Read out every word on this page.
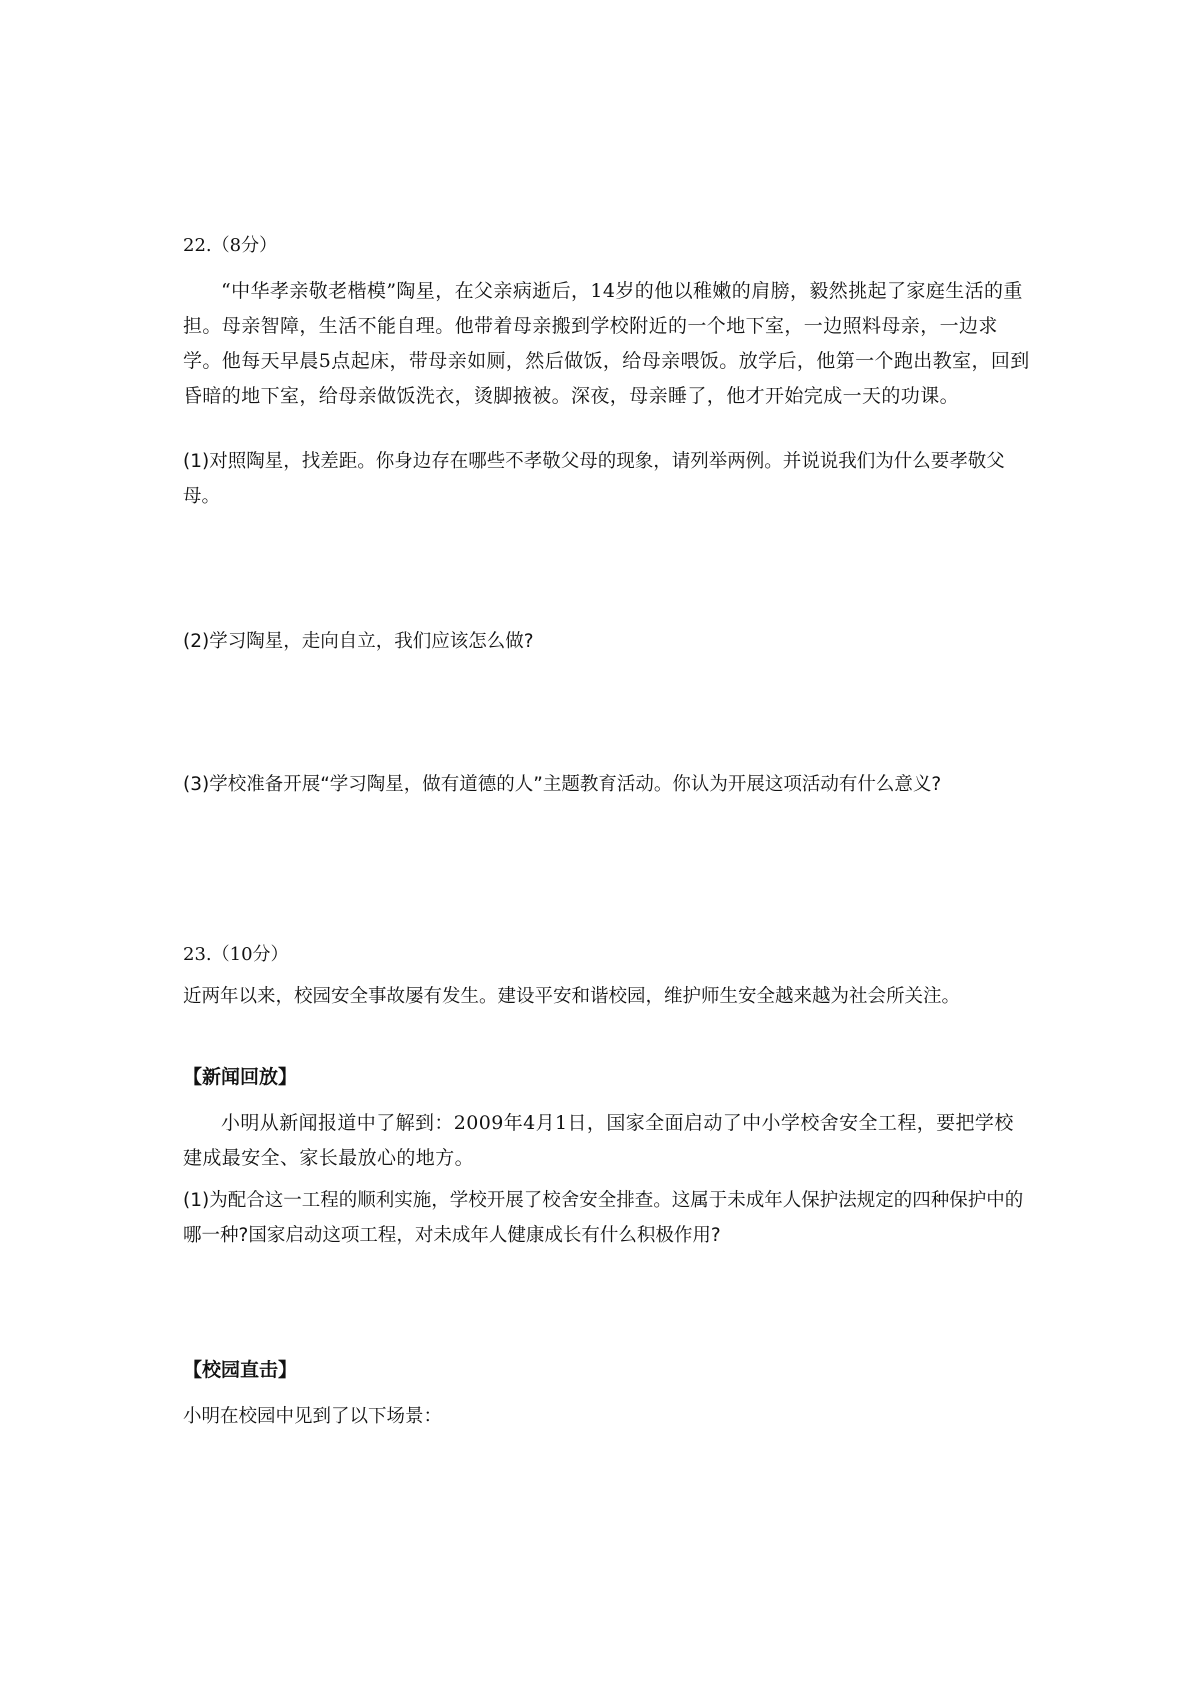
22.（8分）

“中华孝亲敬老楷模”陶星，在父亲病逝后，14岁的他以稚嫩的肩膀，毅然挑起了家庭生活的重担。母亲智障，生活不能自理。他带着母亲搬到学校附近的一个地下室，一边照料母亲，一边求学。他每天早晨5点起床，带母亲如厕，然后做饭，给母亲喂饭。放学后，他第一个跑出教室，回到昏暗的地下室，给母亲做饭洗衣，烫脚掖被。深夜，母亲睡了，他才开始完成一天的功课。

(1)对照陶星，找差距。你身边存在哪些不孝敬父母的现象，请列举两例。并说说我们为什么要孝敬父母。

(2)学习陶星，走向自立，我们应该怎么做?

(3)学校准备开展“学习陶星，做有道德的人”主题教育活动。你认为开展这项活动有什么意义?

23.（10分）

近两年以来，校园安全事故屡有发生。建设平安和谐校园，维护师生安全越来越为社会所关注。

【新闻回放】

小明从新闻报道中了解到：2009年4月1日，国家全面启动了中小学校舍安全工程，要把学校建成最安全、家长最放心的地方。

(1)为配合这一工程的顺利实施，学校开展了校舍安全排查。这属于未成年人保护法规定的四种保护中的哪一种?国家启动这项工程，对未成年人健康成长有什么积极作用?

【校园直击】

小明在校园中见到了以下场景：
